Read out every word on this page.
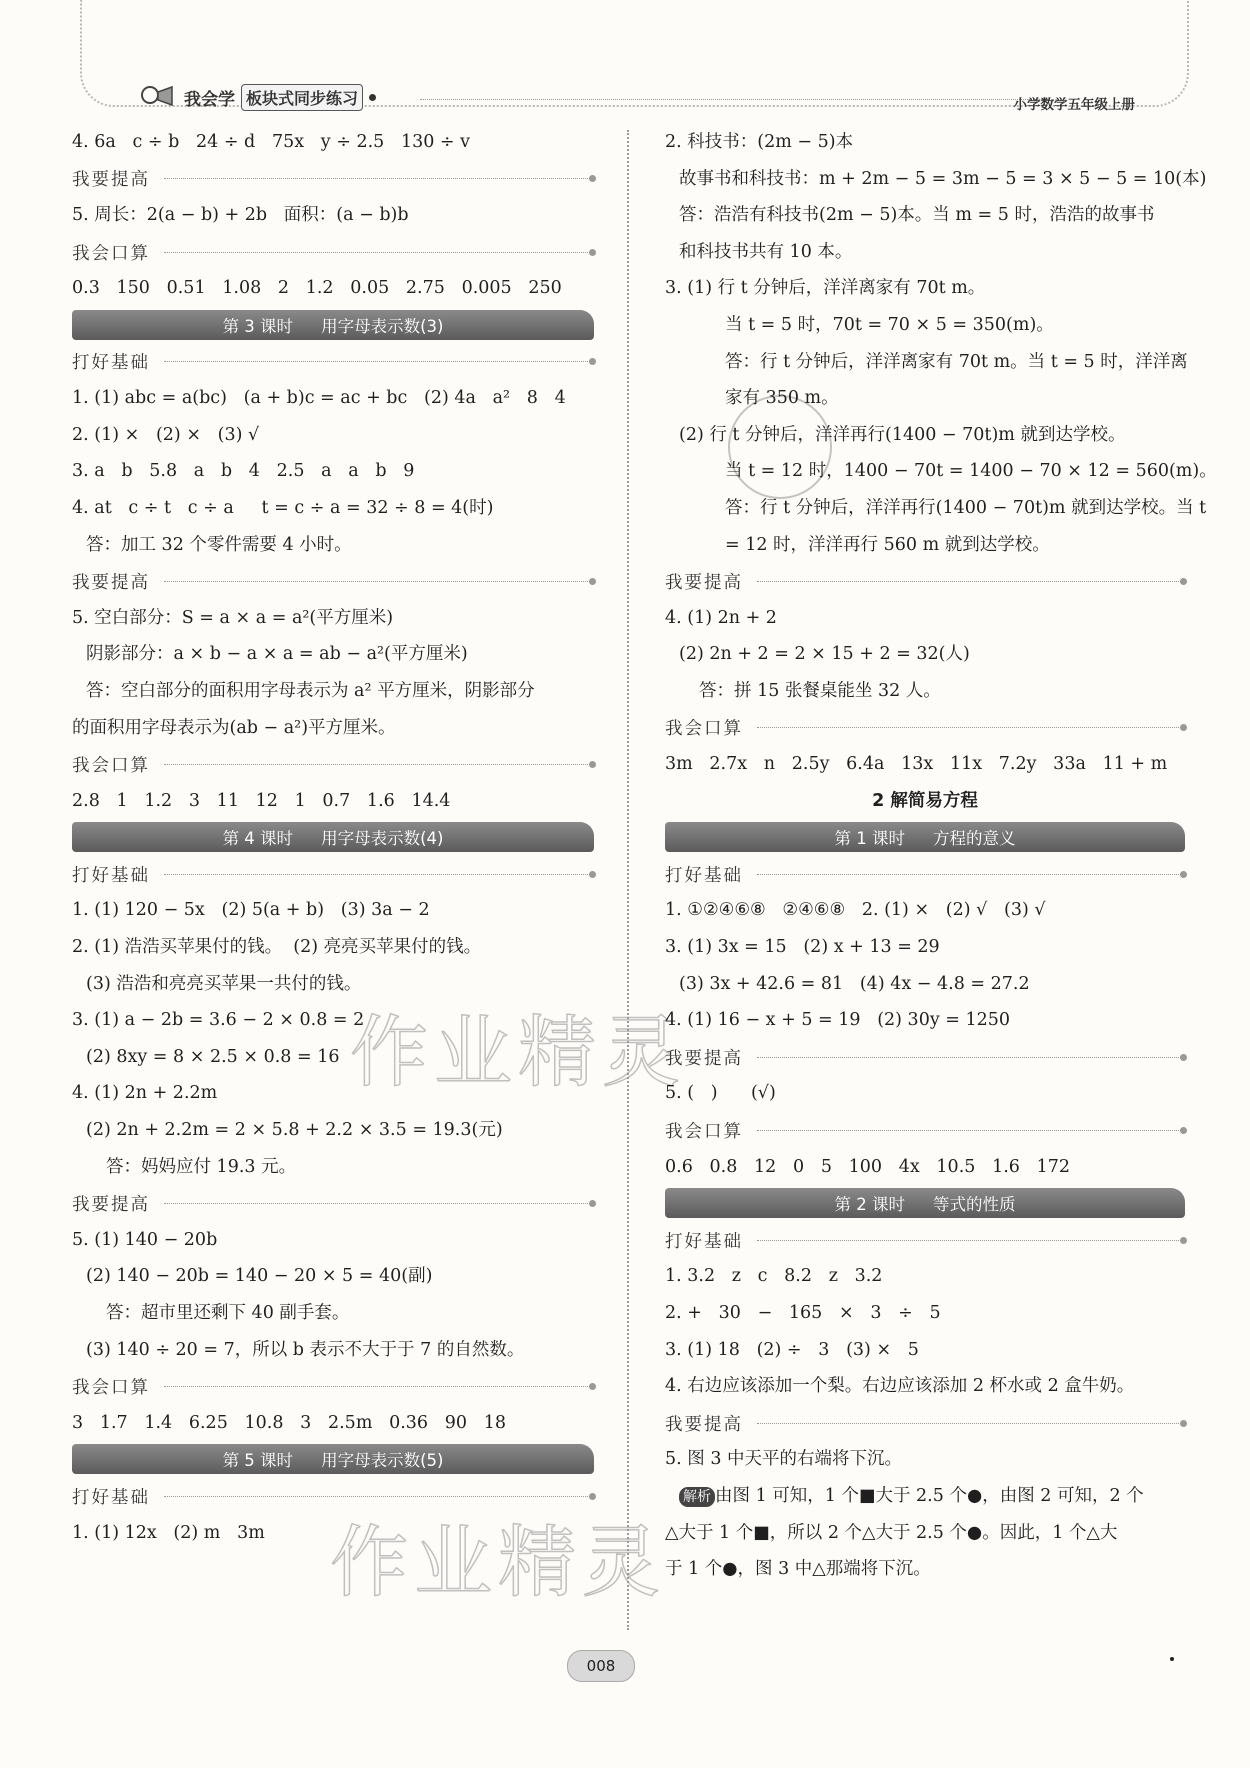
我会学 板块式同步练习	小学数学五年级上册
作业精灵
作业精灵
4. 6a   c ÷ b   24 ÷ d   75x   y ÷ 2.5   130 ÷ v
我要提高
5. 周长：2(a − b) + 2b   面积：(a − b)b
我会口算
0.3   150   0.51   1.08   2   1.2   0.05   2.75   0.005   250
第 3 课时 用字母表示数(3)
打好基础
1. (1) abc = a(bc)   (a + b)c = ac + bc   (2) 4a   a²   8   4
2. (1) ×   (2) ×   (3) √
3. a   b   5.8   a   b   4   2.5   a   a   b   9
4. at   c ÷ t   c ÷ a     t = c ÷ a = 32 ÷ 8 = 4(时)
答：加工 32 个零件需要 4 小时。
我要提高
5. 空白部分：S = a × a = a²(平方厘米)
阴影部分：a × b − a × a = ab − a²(平方厘米)
答：空白部分的面积用字母表示为 a² 平方厘米，阴影部分
的面积用字母表示为(ab − a²)平方厘米。
我会口算
2.8   1   1.2   3   11   12   1   0.7   1.6   14.4
第 4 课时 用字母表示数(4)
打好基础
1. (1) 120 − 5x   (2) 5(a + b)   (3) 3a − 2
2. (1) 浩浩买苹果付的钱。  (2) 亮亮买苹果付的钱。
(3) 浩浩和亮亮买苹果一共付的钱。
3. (1) a − 2b = 3.6 − 2 × 0.8 = 2
(2) 8xy = 8 × 2.5 × 0.8 = 16
4. (1) 2n + 2.2m
(2) 2n + 2.2m = 2 × 5.8 + 2.2 × 3.5 = 19.3(元)
答：妈妈应付 19.3 元。
我要提高
5. (1) 140 − 20b
(2) 140 − 20b = 140 − 20 × 5 = 40(副)
答：超市里还剩下 40 副手套。
(3) 140 ÷ 20 = 7，所以 b 表示不大于于 7 的自然数。
我会口算
3   1.7   1.4   6.25   10.8   3   2.5m   0.36   90   18
第 5 课时 用字母表示数(5)
打好基础
1. (1) 12x   (2) m   3m
2. 科技书：(2m − 5)本
故事书和科技书：m + 2m − 5 = 3m − 5 = 3 × 5 − 5 = 10(本)
答：浩浩有科技书(2m − 5)本。当 m = 5 时，浩浩的故事书
和科技书共有 10 本。
3. (1) 行 t 分钟后，洋洋离家有 70t m。
当 t = 5 时，70t = 70 × 5 = 350(m)。
答：行 t 分钟后，洋洋离家有 70t m。当 t = 5 时，洋洋离
家有 350 m。
(2) 行 t 分钟后，洋洋再行(1400 − 70t)m 就到达学校。
当 t = 12 时，1400 − 70t = 1400 − 70 × 12 = 560(m)。
答：行 t 分钟后，洋洋再行(1400 − 70t)m 就到达学校。当 t
= 12 时，洋洋再行 560 m 就到达学校。
我要提高
4. (1) 2n + 2
(2) 2n + 2 = 2 × 15 + 2 = 32(人)
答：拼 15 张餐桌能坐 32 人。
我会口算
3m   2.7x   n   2.5y   6.4a   13x   11x   7.2y   33a   11 + m
2 解简易方程
第 1 课时 方程的意义
打好基础
1. ①②④⑥⑧   ②④⑥⑧   2. (1) ×   (2) √   (3) √
3. (1) 3x = 15   (2) x + 13 = 29
(3) 3x + 42.6 = 81   (4) 4x − 4.8 = 27.2
4. (1) 16 − x + 5 = 19   (2) 30y = 1250
我要提高
5. (   )      (√)
我会口算
0.6   0.8   12   0   5   100   4x   10.5   1.6   172
第 2 课时 等式的性质
打好基础
1. 3.2   z   c   8.2   z   3.2
2. +   30   −   165   ×   3   ÷   5
3. (1) 18   (2) ÷   3   (3) ×   5
4. 右边应该添加一个梨。右边应该添加 2 杯水或 2 盒牛奶。
我要提高
5. 图 3 中天平的右端将下沉。
解析 由图 1 可知，1 个■大于 2.5 个●，由图 2 可知，2 个
△大于 1 个■，所以 2 个△大于 2.5 个●。因此，1 个△大
于 1 个●，图 3 中△那端将下沉。
008
